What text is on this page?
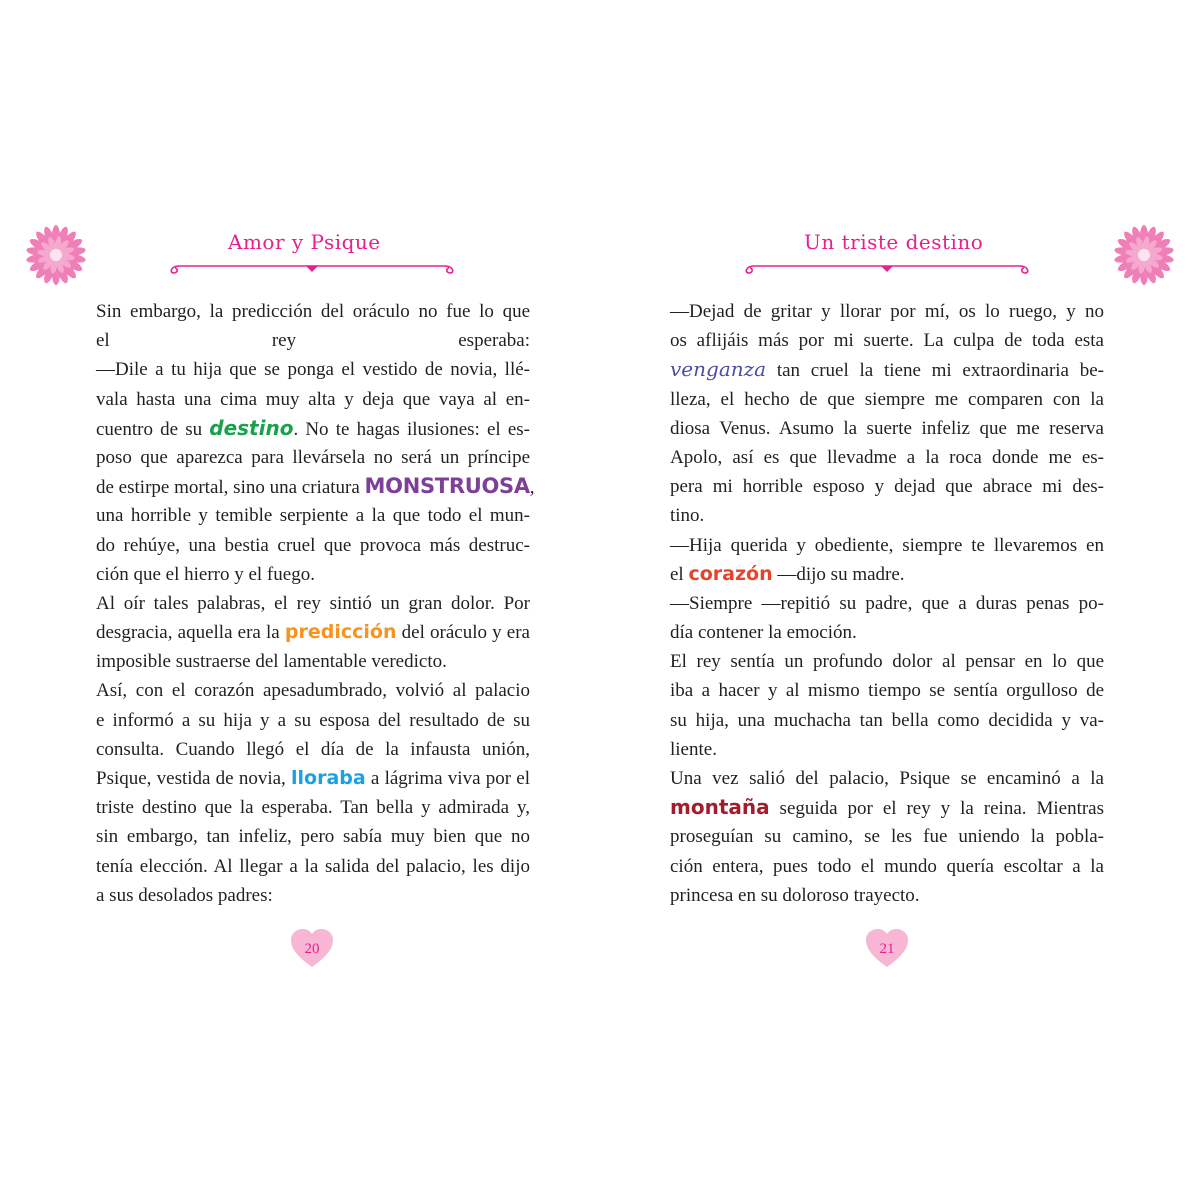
Amor y Psique
Sin embargo, la predicción del oráculo no fue lo que
el rey esperaba:
—Dile a tu hija que se ponga el vestido de novia, llé-
vala hasta una cima muy alta y deja que vaya al en-
cuentro de su destino. No te hagas ilusiones: el es-
poso que aparezca para llevársela no será un príncipe
de estirpe mortal, sino una criatura MONSTRUOSA,
una horrible y temible serpiente a la que todo el mun-
do rehúye, una bestia cruel que provoca más destruc-
ción que el hierro y el fuego.
Al oír tales palabras, el rey sintió un gran dolor. Por
desgracia, aquella era la predicción del oráculo y era
imposible sustraerse del lamentable veredicto.
Así, con el corazón apesadumbrado, volvió al palacio
e informó a su hija y a su esposa del resultado de su
consulta. Cuando llegó el día de la infausta unión,
Psique, vestida de novia, lloraba a lágrima viva por el
triste destino que la esperaba. Tan bella y admirada y,
sin embargo, tan infeliz, pero sabía muy bien que no
tenía elección. Al llegar a la salida del palacio, les dijo
a sus desolados padres:
20
Un triste destino
—Dejad de gritar y llorar por mí, os lo ruego, y no
os aflijáis más por mi suerte. La culpa de toda esta
venganza tan cruel la tiene mi extraordinaria be-
lleza, el hecho de que siempre me comparen con la
diosa Venus. Asumo la suerte infeliz que me reserva
Apolo, así es que llevadme a la roca donde me es-
pera mi horrible esposo y dejad que abrace mi des-
tino.
—Hija querida y obediente, siempre te llevaremos en
el corazón —dijo su madre.
—Siempre —repitió su padre, que a duras penas po-
día contener la emoción.
El rey sentía un profundo dolor al pensar en lo que
iba a hacer y al mismo tiempo se sentía orgulloso de
su hija, una muchacha tan bella como decidida y va-
liente.
Una vez salió del palacio, Psique se encaminó a la
montaña seguida por el rey y la reina. Mientras
proseguían su camino, se les fue uniendo la pobla-
ción entera, pues todo el mundo quería escoltar a la
princesa en su doloroso trayecto.
21
